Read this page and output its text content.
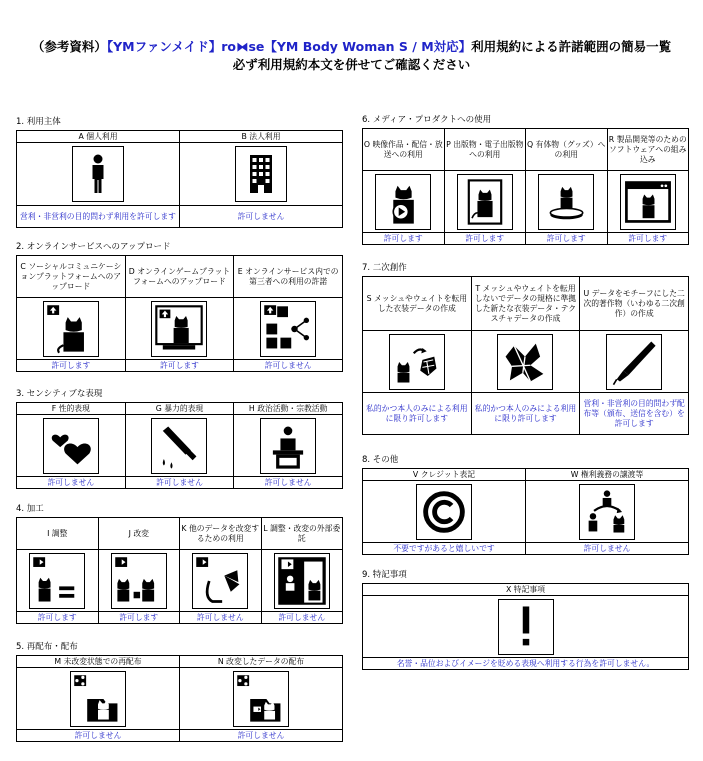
（参考資料）【YMファンメイド】ro⧓se【YM Body Woman S / M対応】利用規約による許諾範囲の簡易一覧
必ず利用規約本文を併せてご確認ください
1. 利用主体
A 個人利用	B 法人利用

営利・非営利の目的問わず利用を許可します	許可しません
2. オンラインサービスへのアップロード
C ソーシャルコミュニケーションプラットフォームへのアップロード	D オンラインゲームプラットフォームへのアップロード	E オンラインサービス内での第三者への利用の許諾

許可します	許可します	許可しません
3. センシティブな表現
F 性的表現	G 暴力的表現	H 政治活動・宗教活動

許可しません	許可しません	許可しません
4. 加工
I 調整	J 改変	K 他のデータを改変するための利用	L 調整・改変の外部委託

許可します	許可します	許可しません	許可しません
5. 再配布・配布
M 未改変状態での再配布	N 改変したデータの配布

許可しません	許可しません
6. メディア・プロダクトへの使用
O 映像作品・配信・放送への利用	P 出版物・電子出版物への利用	Q 有体物（グッズ）への利用	R 製品開発等のためのソフトウェアへの組み込み

許可します	許可します	許可します	許可します
7. 二次創作
S メッシュやウェイトを転用した衣装データの作成	T メッシュやウェイトを転用しないでデータの規格に準拠した新たな衣装データ・テクスチャデータの作成	U データをモチーフにした二次的著作物（いわゆる二次創作）の作成

私的かつ本人のみによる利用に限り許可します	私的かつ本人のみによる利用に限り許可します	営利・非営利の目的問わず配布等（頒布、送信を含む）を許可します
8. その他
V クレジット表記	W 権利義務の譲渡等

不要ですがあると嬉しいです	許可しません
9. 特記事項
X 特記事項

名誉・品位およびイメージを貶める表現へ利用する行為を許可しません。
